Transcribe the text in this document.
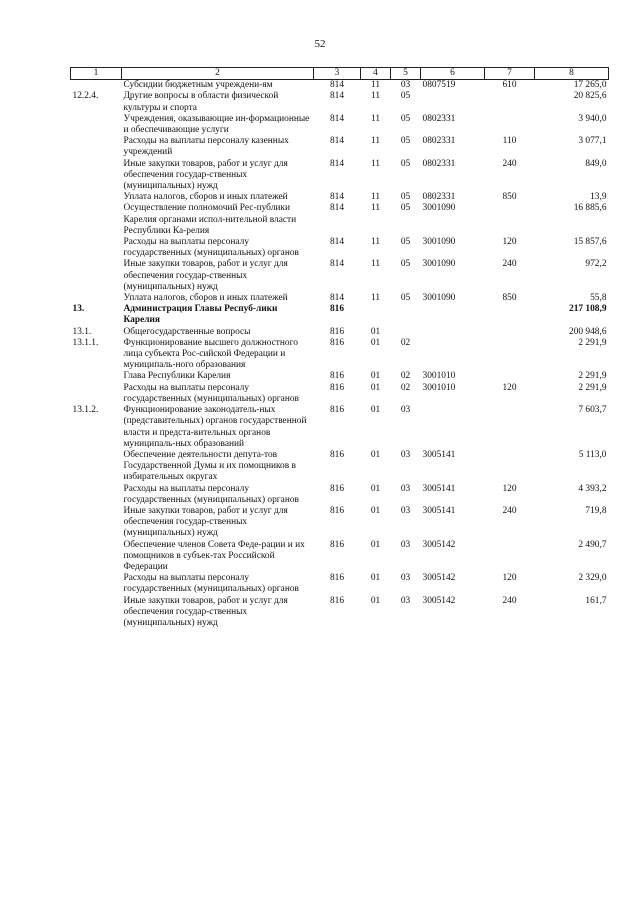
52
1	2	3	4	5	6	7	8
	Субсидии бюджетным учреждени-ям	814	11	03	0807519	610	17 265,0
12.2.4.	Другие вопросы в области физической культуры и спорта	814	11	05			20 825,6
	Учреждения, оказывающие ин-формационные и обеспечивающие услуги	814	11	05	0802331		3 940,0
	Расходы на выплаты персоналу казенных учреждений	814	11	05	0802331	110	3 077,1
	Иные закупки товаров, работ и услуг для обеспечения государ-ственных (муниципальных) нужд	814	11	05	0802331	240	849,0
	Уплата налогов, сборов и иных платежей	814	11	05	0802331	850	13,9
	Осуществление полномочий Рес-публики Карелия органами испол-нительной власти Республики Ка-релия	814	11	05	3001090		16 885,6
	Расходы на выплаты персоналу государственных (муниципальных) органов	814	11	05	3001090	120	15 857,6
	Иные закупки товаров, работ и услуг для обеспечения государ-ственных (муниципальных) нужд	814	11	05	3001090	240	972,2
	Уплата налогов, сборов и иных платежей	814	11	05	3001090	850	55,8
13.	Администрация Главы Респуб-лики Карелия	816					217 108,9
13.1.	Общегосударственные вопросы	816	01				200 948,6
13.1.1.	Функционирование высшего должностного лица субъекта Рос-сийской Федерации и муниципаль-ного образования	816	01	02			2 291,9
	Глава Республики Карелия	816	01	02	3001010		2 291,9
	Расходы на выплаты персоналу государственных (муниципальных) органов	816	01	02	3001010	120	2 291,9
13.1.2.	Функционирование законодатель-ных (представительных) органов государственной власти и предста-вительных органов муниципаль-ных образований	816	01	03			7 603,7
	Обеспечение деятельности депута-тов Государственной Думы и их помощников в избирательных округах	816	01	03	3005141		5 113,0
	Расходы на выплаты персоналу государственных (муниципальных) органов	816	01	03	3005141	120	4 393,2
	Иные закупки товаров, работ и услуг для обеспечения государ-ственных (муниципальных) нужд	816	01	03	3005141	240	719,8
	Обеспечение членов Совета Феде-рации и их помощников в субъек-тах Российской Федерации	816	01	03	3005142		2 490,7
	Расходы на выплаты персоналу государственных (муниципальных) органов	816	01	03	3005142	120	2 329,0
	Иные закупки товаров, работ и услуг для обеспечения государ-ственных (муниципальных) нужд	816	01	03	3005142	240	161,7
